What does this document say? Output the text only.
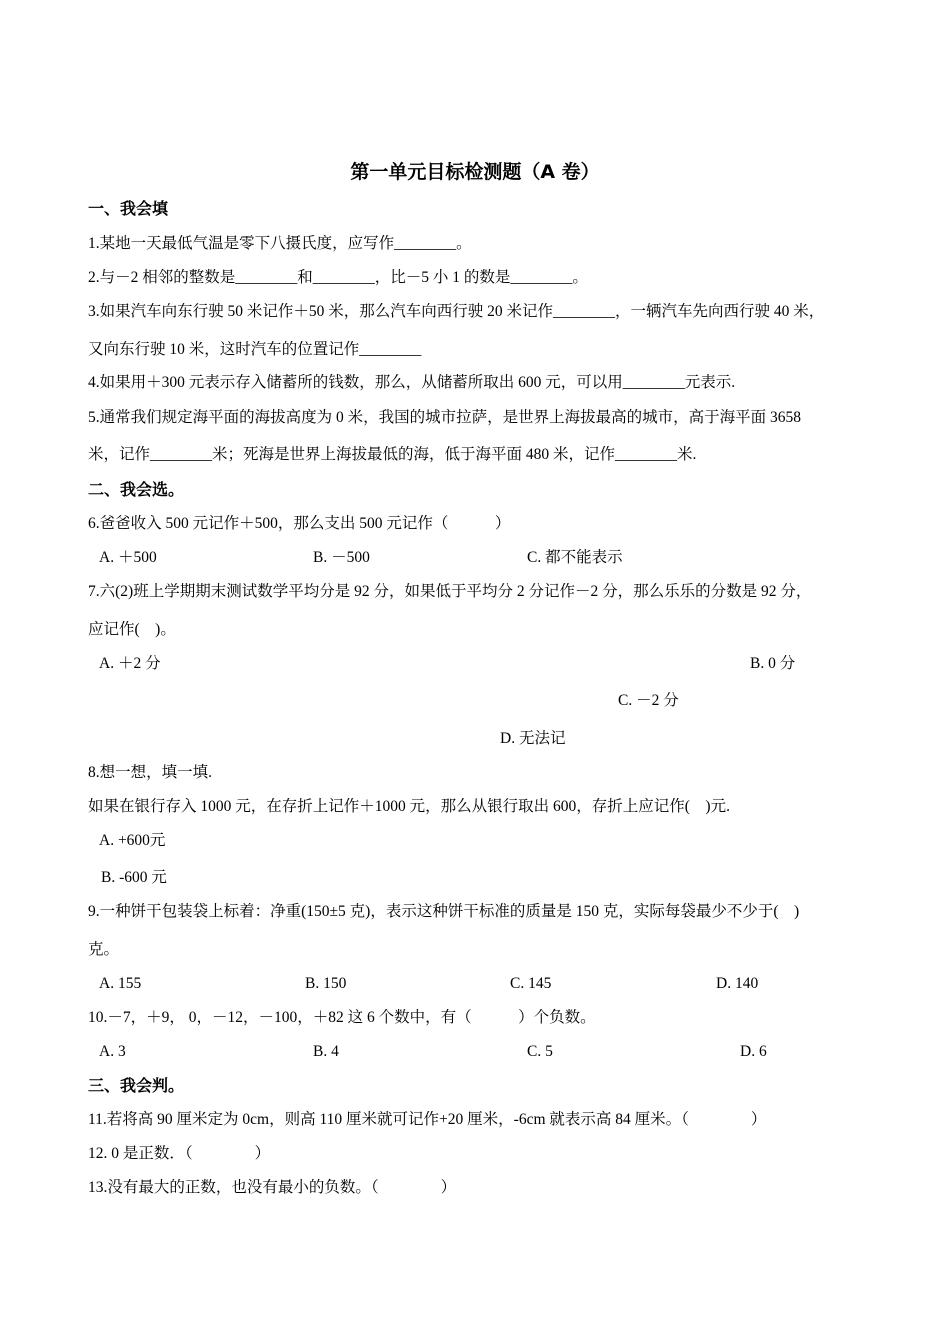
第一单元目标检测题（A 卷）
一、我会填
1.某地一天最低气温是零下八摄氏度，应写作________。
2.与－2 相邻的整数是________和________，比－5 小 1 的数是________。
3.如果汽车向东行驶 50 米记作＋50 米，那么汽车向西行驶 20 米记作________，一辆汽车先向西行驶 40 米，
又向东行驶 10 米，这时汽车的位置记作________
4.如果用＋300 元表示存入储蓄所的钱数，那么，从储蓄所取出 600 元，可以用________元表示.
5.通常我们规定海平面的海拔高度为 0 米，我国的城市拉萨，是世界上海拔最高的城市，高于海平面 3658
米，记作________米；死海是世界上海拔最低的海，低于海平面 480 米，记作________米.
二、我会选。
6.爸爸收入 500 元记作＋500，那么支出 500 元记作（　　　）
A. ＋500	B. －500	C. 都不能表示
7.六(2)班上学期期末测试数学平均分是 92 分，如果低于平均分 2 分记作－2 分，那么乐乐的分数是 92 分，
应记作(　)。
A. ＋2 分	B. 0 分
C. －2 分
D. 无法记
8.想一想，填一填.
如果在银行存入 1000 元，在存折上记作＋1000 元，那么从银行取出 600，存折上应记作(　)元.
A. +600元
B. -600 元
9.一种饼干包装袋上标着：净重(150±5 克)，表示这种饼干标准的质量是 150 克，实际每袋最少不少于(　)
克。
A. 155	B. 150	C. 145	D. 140
10.－7，＋9， 0，－12，－100，＋82 这 6 个数中，有（　　　）个负数。
A. 3	B. 4	C. 5	D. 6
三、我会判。
11.若将高 90 厘米定为 0cm，则高 110 厘米就可记作+20 厘米，-6cm 就表示高 84 厘米。（　　　　）
12. 0 是正数．（　　　　）
13.没有最大的正数，也没有最小的负数。（　　　　）
